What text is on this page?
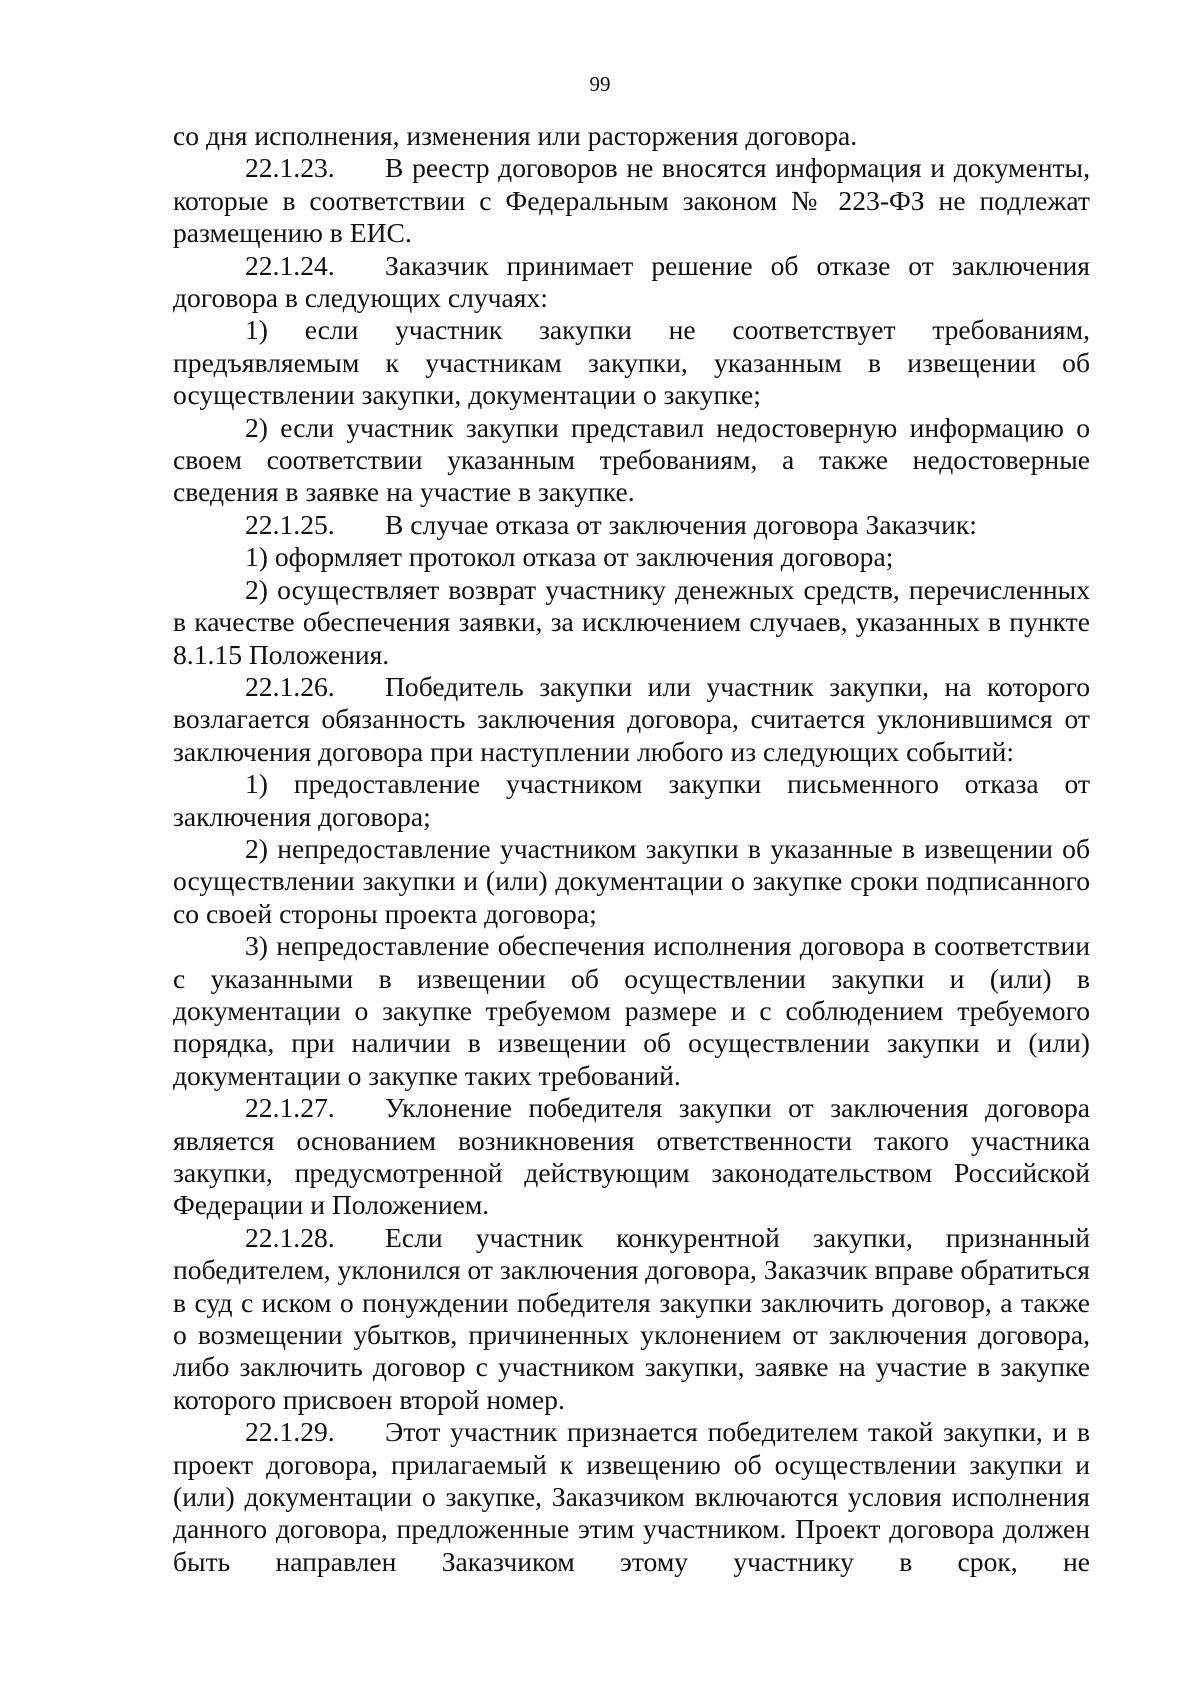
99

со дня исполнения, изменения или расторжения договора.

22.1.23. В реестр договоров не вносятся информация и документы, которые в соответствии с Федеральным законом № 223-ФЗ не подлежат размещению в ЕИС.

22.1.24. Заказчик принимает решение об отказе от заключения договора в следующих случаях:

1) если участник закупки не соответствует требованиям, предъявляемым к участникам закупки, указанным в извещении об осуществлении закупки, документации о закупке;

2) если участник закупки представил недостоверную информацию о своем соответствии указанным требованиям, а также недостоверные сведения в заявке на участие в закупке.

22.1.25. В случае отказа от заключения договора Заказчик:

1) оформляет протокол отказа от заключения договора;

2) осуществляет возврат участнику денежных средств, перечисленных в качестве обеспечения заявки, за исключением случаев, указанных в пункте 8.1.15 Положения.

22.1.26. Победитель закупки или участник закупки, на которого возлагается обязанность заключения договора, считается уклонившимся от заключения договора при наступлении любого из следующих событий:

1) предоставление участником закупки письменного отказа от заключения договора;

2) непредоставление участником закупки в указанные в извещении об осуществлении закупки и (или) документации о закупке сроки подписанного со своей стороны проекта договора;

3) непредоставление обеспечения исполнения договора в соответствии с указанными в извещении об осуществлении закупки и (или) в документации о закупке требуемом размере и с соблюдением требуемого порядка, при наличии в извещении об осуществлении закупки и (или) документации о закупке таких требований.

22.1.27. Уклонение победителя закупки от заключения договора является основанием возникновения ответственности такого участника закупки, предусмотренной действующим законодательством Российской Федерации и Положением.

22.1.28. Если участник конкурентной закупки, признанный победителем, уклонился от заключения договора, Заказчик вправе обратиться в суд с иском о понуждении победителя закупки заключить договор, а также о возмещении убытков, причиненных уклонением от заключения договора, либо заключить договор с участником закупки, заявке на участие в закупке которого присвоен второй номер.

22.1.29. Этот участник признается победителем такой закупки, и в проект договора, прилагаемый к извещению об осуществлении закупки и (или) документации о закупке, Заказчиком включаются условия исполнения данного договора, предложенные этим участником. Проект договора должен быть направлен Заказчиком этому участнику в срок, не
